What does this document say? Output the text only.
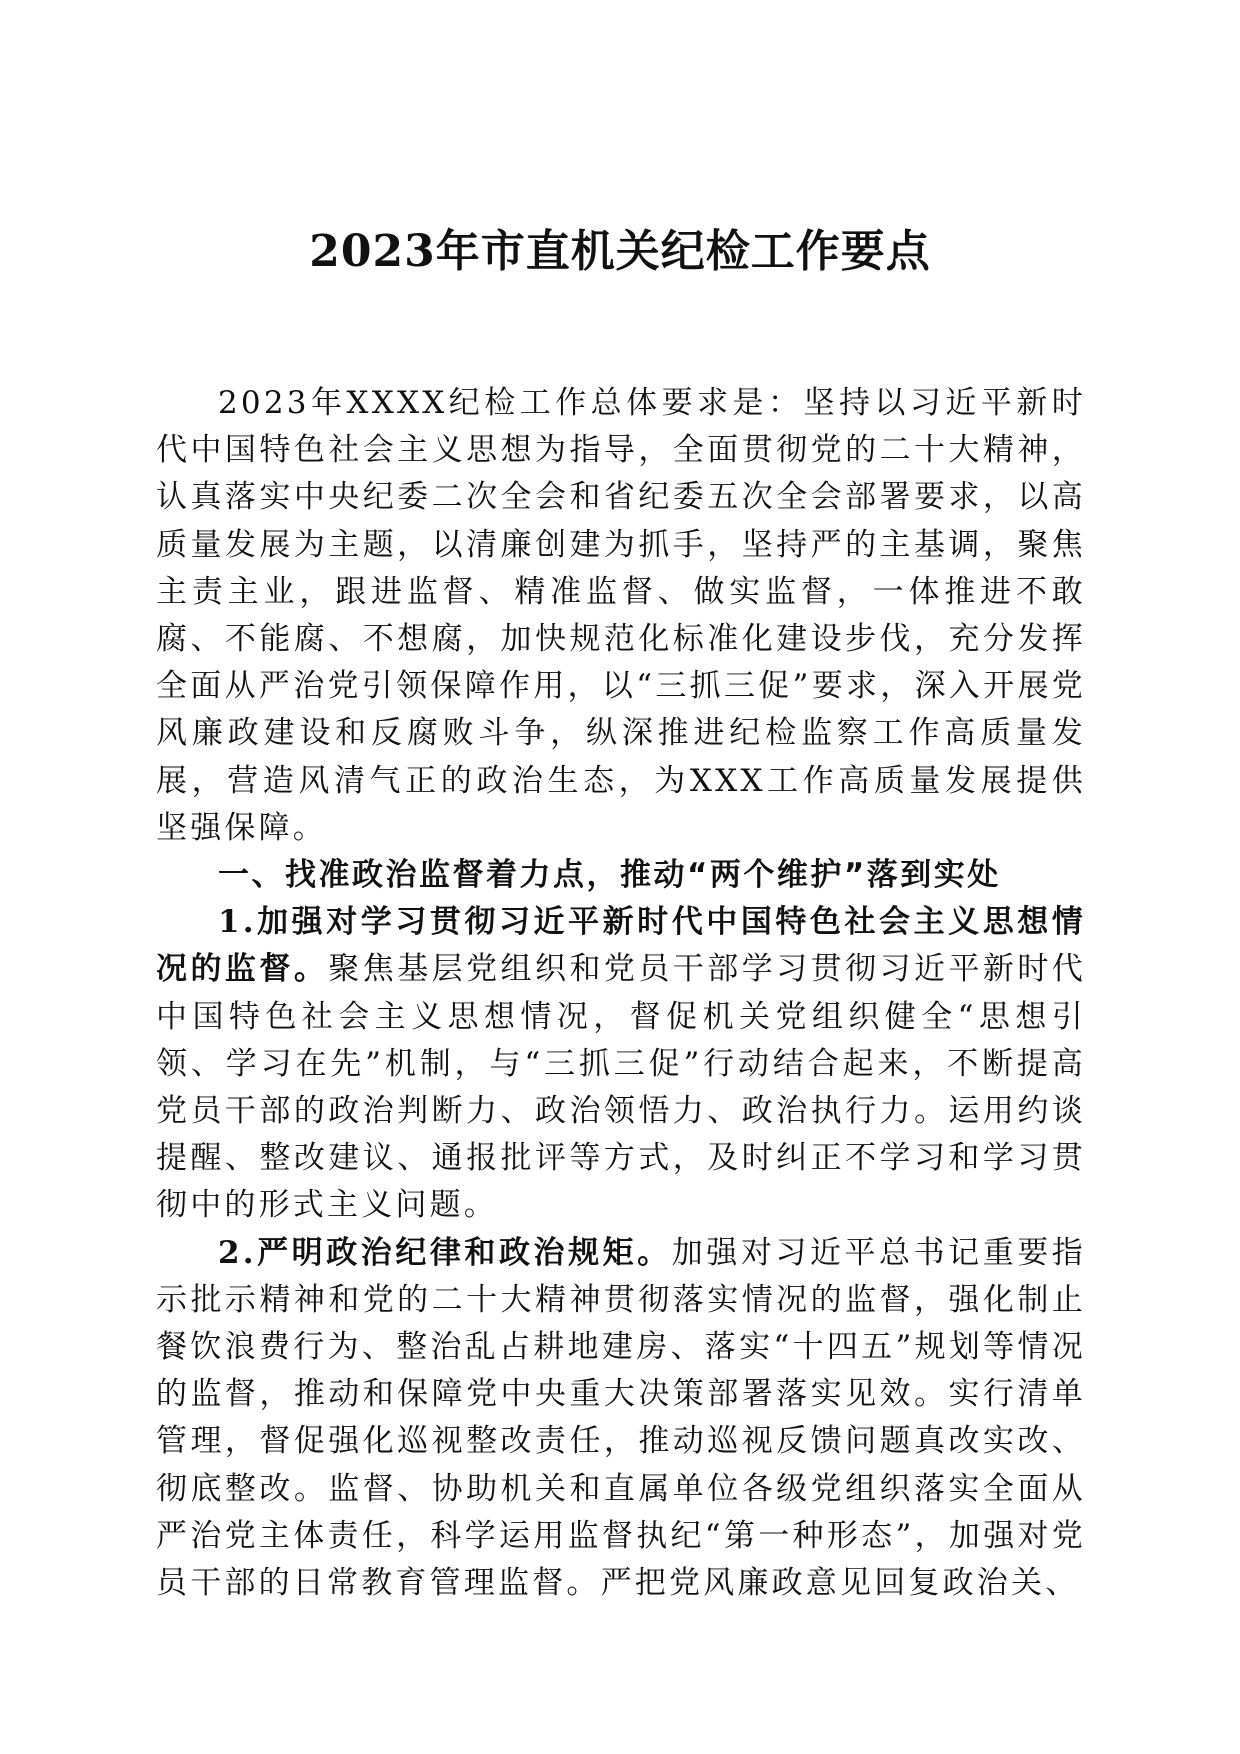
2023年市直机关纪检工作要点

2023年XXXX纪检工作总体要求是：坚持以习近平新时代中国特色社会主义思想为指导，全面贯彻党的二十大精神，认真落实中央纪委二次全会和省纪委五次全会部署要求，以高质量发展为主题，以清廉创建为抓手，坚持严的主基调，聚焦主责主业，跟进监督、精准监督、做实监督，一体推进不敢腐、不能腐、不想腐，加快规范化标准化建设步伐，充分发挥全面从严治党引领保障作用，以“三抓三促”要求，深入开展党风廉政建设和反腐败斗争，纵深推进纪检监察工作高质量发展，营造风清气正的政治生态，为XXX工作高质量发展提供坚强保障。

一、找准政治监督着力点，推动“两个维护”落到实处

1.加强对学习贯彻习近平新时代中国特色社会主义思想情况的监督。聚焦基层党组织和党员干部学习贯彻习近平新时代中国特色社会主义思想情况，督促机关党组织健全“思想引领、学习在先”机制，与“三抓三促”行动结合起来，不断提高党员干部的政治判断力、政治领悟力、政治执行力。运用约谈提醒、整改建议、通报批评等方式，及时纠正不学习和学习贯彻中的形式主义问题。

2.严明政治纪律和政治规矩。加强对习近平总书记重要指示批示精神和党的二十大精神贯彻落实情况的监督，强化制止餐饮浪费行为、整治乱占耕地建房、落实“十四五”规划等情况的监督，推动和保障党中央重大决策部署落实见效。实行清单管理，督促强化巡视整改责任，推动巡视反馈问题真改实改、彻底整改。监督、协助机关和直属单位各级党组织落实全面从严治党主体责任，科学运用监督执纪“第一种形态”，加强对党员干部的日常教育管理监督。严把党风廉政意见回复政治关、
